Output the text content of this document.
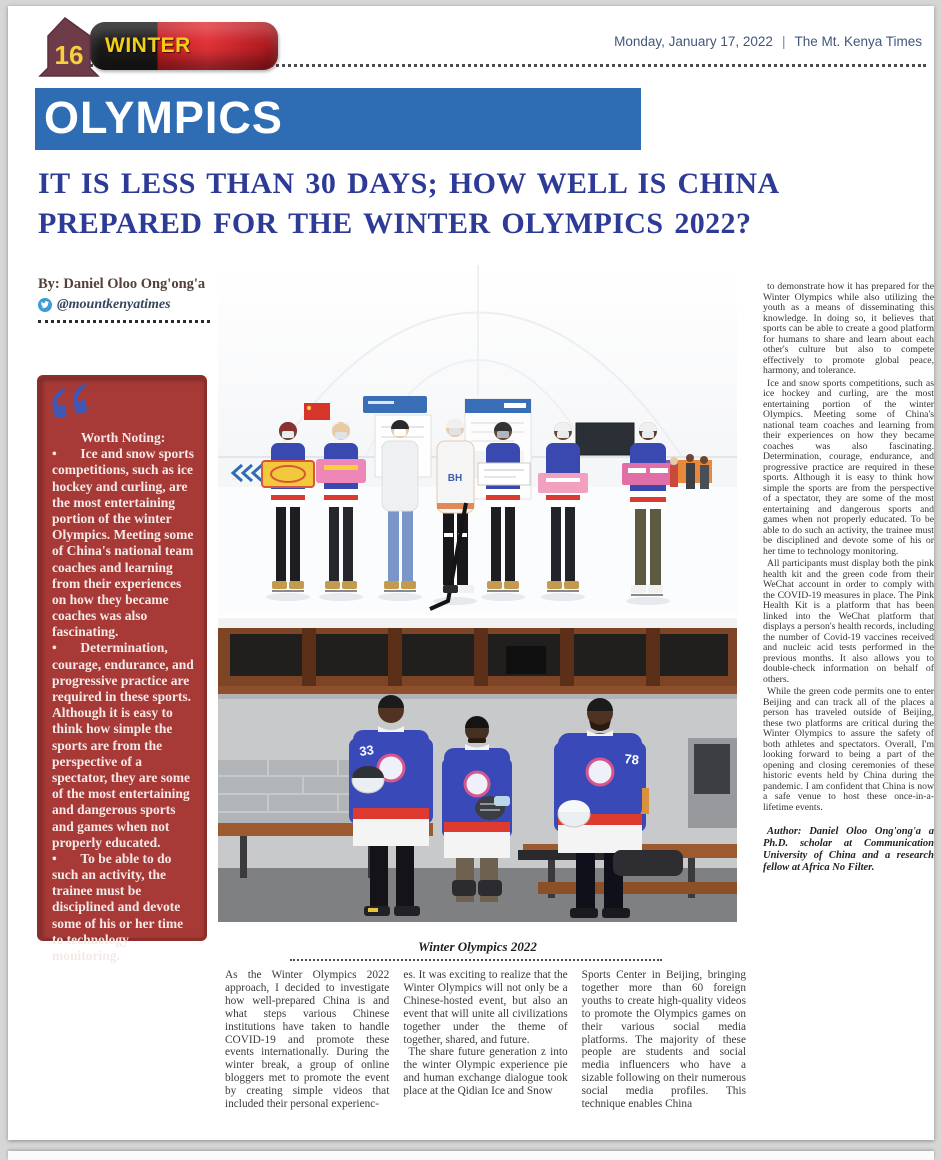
16	WINTER	Monday, January 17, 2022 | The Mt. Kenya Times
OLYMPICS
IT IS LESS THAN 30 DAYS; HOW WELL IS CHINA PREPARED FOR THE WINTER OLYMPICS 2022?
By: Daniel Oloo Ong'ong'a
@mountkenyatimes

Worth Noting:

• Ice and snow sports competitions, such as ice hockey and curling, are the most entertaining portion of the winter Olympics. Meeting some of China's national team coaches and learning from their experiences on how they became coaches was also fascinating.

• Determination, courage, endurance, and progressive practice are required in these sports. Although it is easy to think how simple the sports are from the perspective of a spectator, they are some of the most entertaining and dangerous sports and games when not properly educated.

• To be able to do such an activity, the trainee must be disciplined and devote some of his or her time to technology monitoring.

BH
33
78
Winter Olympics 2022

As the Winter Olympics 2022 approach, I decided to investigate how well-prepared China is and what steps various Chinese institutions have taken to handle COVID-19 and promote these events internationally. During the winter break, a group of online bloggers met to promote the event by creating simple videos that included their personal experienc-

es. It was exciting to realize that the Winter Olympics will not only be a Chinese-hosted event, but also an event that will unite all civilizations together under the theme of together, shared, and future.

The share future generation z into the winter Olympic experience pie and human exchange dialogue took place at the Qidian Ice and Snow

Sports Center in Beijing, bringing together more than 60 foreign youths to create high-quality videos to promote the Olympics games on their various social media platforms. The majority of these people are students and social media influencers who have a sizable following on their numerous social media profiles. This technique enables China

to demonstrate how it has prepared for the Winter Olympics while also utilizing the youth as a means of disseminating this knowledge. In doing so, it believes that sports can be able to create a good platform for humans to share and learn about each other's culture but also to compete effectively to promote global peace, harmony, and tolerance.

Ice and snow sports competitions, such as ice hockey and curling, are the most entertaining portion of the winter Olympics. Meeting some of China's national team coaches and learning from their experiences on how they became coaches was also fascinating. Determination, courage, endurance, and progressive practice are required in these sports. Although it is easy to think how simple the sports are from the perspective of a spectator, they are some of the most entertaining and dangerous sports and games when not properly educated. To be able to do such an activity, the trainee must be disciplined and devote some of his or her time to technology monitoring.

All participants must display both the pink health kit and the green code from their WeChat account in order to comply with the COVID-19 measures in place. The Pink Health Kit is a platform that has been linked into the WeChat platform that displays a person's health records, including the number of Covid-19 vaccines received and nucleic acid tests performed in the previous months. It also allows you to double-check information on behalf of others.

While the green code permits one to enter Beijing and can track all of the places a person has traveled outside of Beijing, these two platforms are critical during the Winter Olympics to assure the safety of both athletes and spectators. Overall, I'm looking forward to being a part of the opening and closing ceremonies of these historic events held by China during the pandemic. I am confident that China is now a safe venue to host these once-in-a-lifetime events.

Author: Daniel Oloo Ong'ong'a a Ph.D. scholar at Communication University of China and a research fellow at Africa No Filter.
